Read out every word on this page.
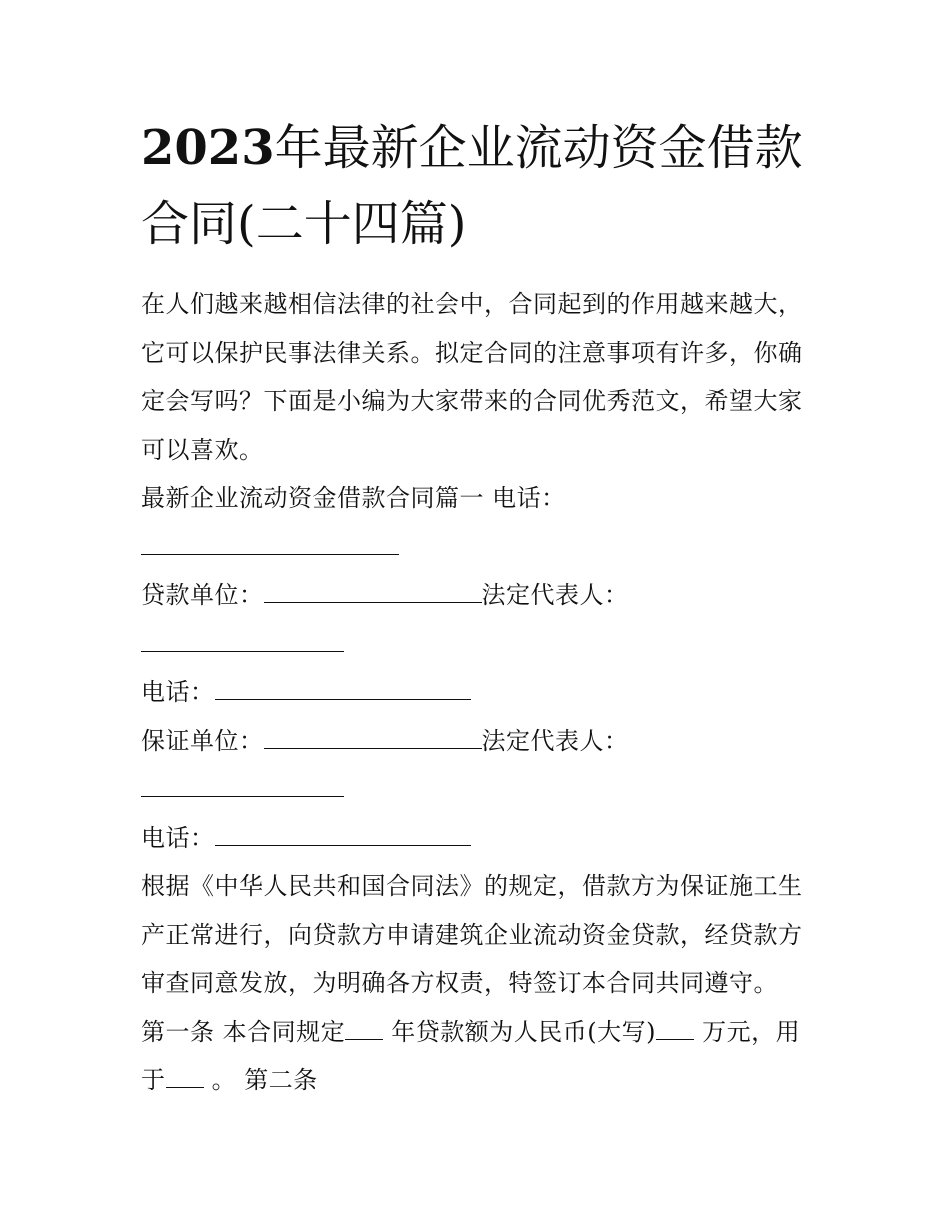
2023年最新企业流动资金借款
合同(二十四篇)
在人们越来越相信法律的社会中，合同起到的作用越来越大，
它可以保护民事法律关系。拟定合同的注意事项有许多，你确
定会写吗？下面是小编为大家带来的合同优秀范文，希望大家
可以喜欢。
最新企业流动资金借款合同篇一 电话：
贷款单位：	法定代表人：
电话：
保证单位：	法定代表人：
电话：
根据《中华人民共和国合同法》的规定，借款方为保证施工生
产正常进行，向贷款方申请建筑企业流动资金贷款，经贷款方
审查同意发放，为明确各方权责，特签订本合同共同遵守。
第一条 本合同规定 年贷款额为人民币(大写) 万元，用
于 。 第二条
